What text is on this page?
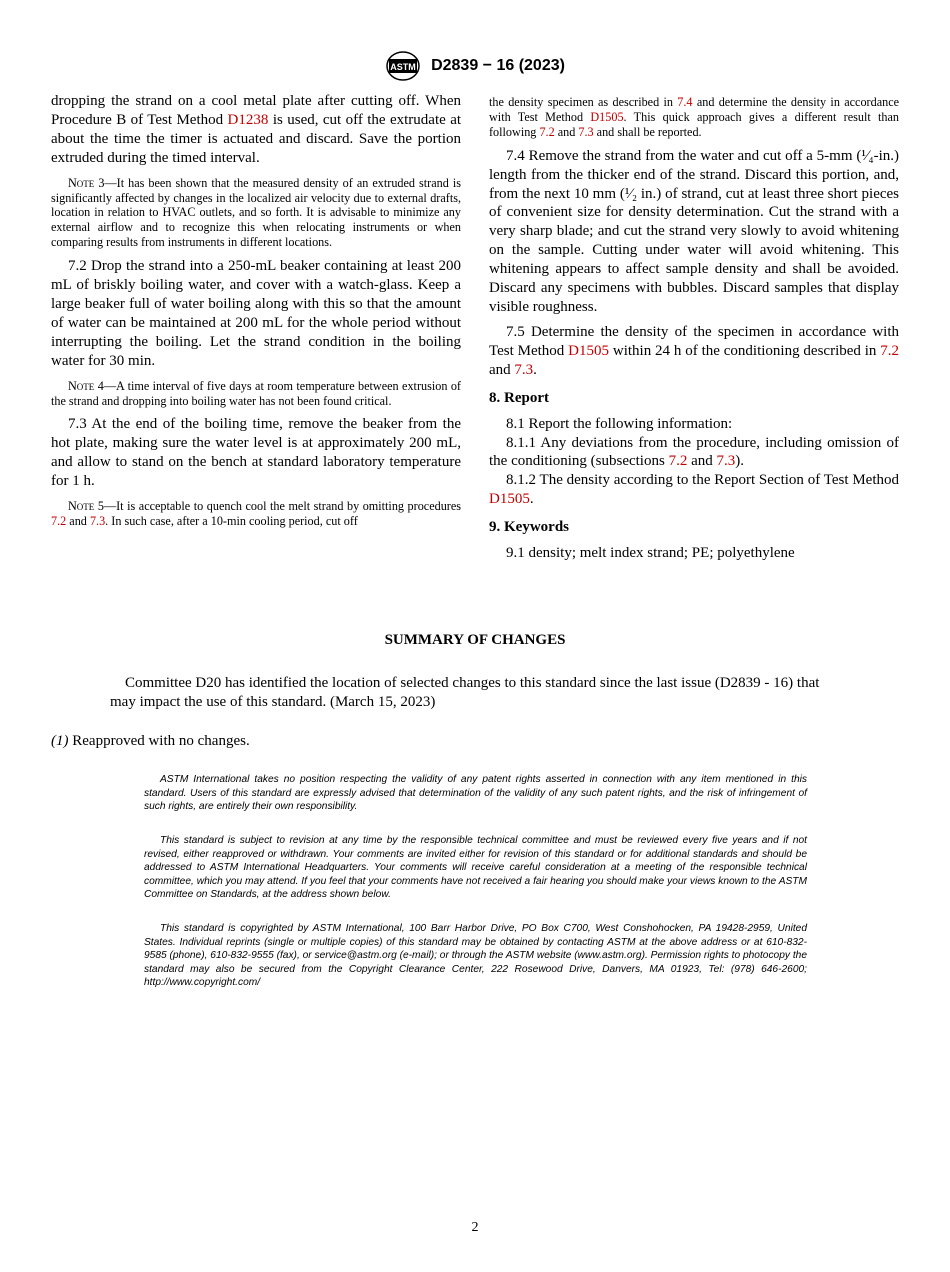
ASTM D2839 − 16 (2023)

dropping the strand on a cool metal plate after cutting off. When Procedure B of Test Method D1238 is used, cut off the extrudate at about the time the timer is actuated and discard. Save the portion extruded during the timed interval.

Note 3—It has been shown that the measured density of an extruded strand is significantly affected by changes in the localized air velocity due to external drafts, location in relation to HVAC outlets, and so forth. It is advisable to minimize any external airflow and to recognize this when relocating instruments or when comparing results from instruments in different locations.

7.2 Drop the strand into a 250-mL beaker containing at least 200 mL of briskly boiling water, and cover with a watch-glass. Keep a large beaker full of water boiling along with this so that the amount of water can be maintained at 200 mL for the whole period without interrupting the boiling. Let the strand condition in the boiling water for 30 min.

Note 4—A time interval of five days at room temperature between extrusion of the strand and dropping into boiling water has not been found critical.

7.3 At the end of the boiling time, remove the beaker from the hot plate, making sure the water level is at approximately 200 mL, and allow to stand on the bench at standard laboratory temperature for 1 h.

Note 5—It is acceptable to quench cool the melt strand by omitting procedures 7.2 and 7.3. In such case, after a 10-min cooling period, cut off

the density specimen as described in 7.4 and determine the density in accordance with Test Method D1505. This quick approach gives a different result than following 7.2 and 7.3 and shall be reported.

7.4 Remove the strand from the water and cut off a 5-mm (¹⁄₄-in.) length from the thicker end of the strand. Discard this portion, and, from the next 10 mm (¹⁄₂ in.) of strand, cut at least three short pieces of convenient size for density determination. Cut the strand with a very sharp blade; and cut the strand very slowly to avoid whitening on the sample. Cutting under water will avoid whitening. This whitening appears to affect sample density and shall be avoided. Discard any specimens with bubbles. Discard samples that display visible roughness.

7.5 Determine the density of the specimen in accordance with Test Method D1505 within 24 h of the conditioning described in 7.2 and 7.3.

8. Report

8.1 Report the following information:

8.1.1 Any deviations from the procedure, including omission of the conditioning (subsections 7.2 and 7.3).

8.1.2 The density according to the Report Section of Test Method D1505.

9. Keywords

9.1 density; melt index strand; PE; polyethylene

SUMMARY OF CHANGES
Committee D20 has identified the location of selected changes to this standard since the last issue (D2839 - 16) that may impact the use of this standard. (March 15, 2023)
(1) Reapproved with no changes.

ASTM International takes no position respecting the validity of any patent rights asserted in connection with any item mentioned in this standard. Users of this standard are expressly advised that determination of the validity of any such patent rights, and the risk of infringement of such rights, are entirely their own responsibility.

This standard is subject to revision at any time by the responsible technical committee and must be reviewed every five years and if not revised, either reapproved or withdrawn. Your comments are invited either for revision of this standard or for additional standards and should be addressed to ASTM International Headquarters. Your comments will receive careful consideration at a meeting of the responsible technical committee, which you may attend. If you feel that your comments have not received a fair hearing you should make your views known to the ASTM Committee on Standards, at the address shown below.

This standard is copyrighted by ASTM International, 100 Barr Harbor Drive, PO Box C700, West Conshohocken, PA 19428-2959, United States. Individual reprints (single or multiple copies) of this standard may be obtained by contacting ASTM at the above address or at 610-832-9585 (phone), 610-832-9555 (fax), or service@astm.org (e-mail); or through the ASTM website (www.astm.org). Permission rights to photocopy the standard may also be secured from the Copyright Clearance Center, 222 Rosewood Drive, Danvers, MA 01923, Tel: (978) 646-2600; http://www.copyright.com/

2
